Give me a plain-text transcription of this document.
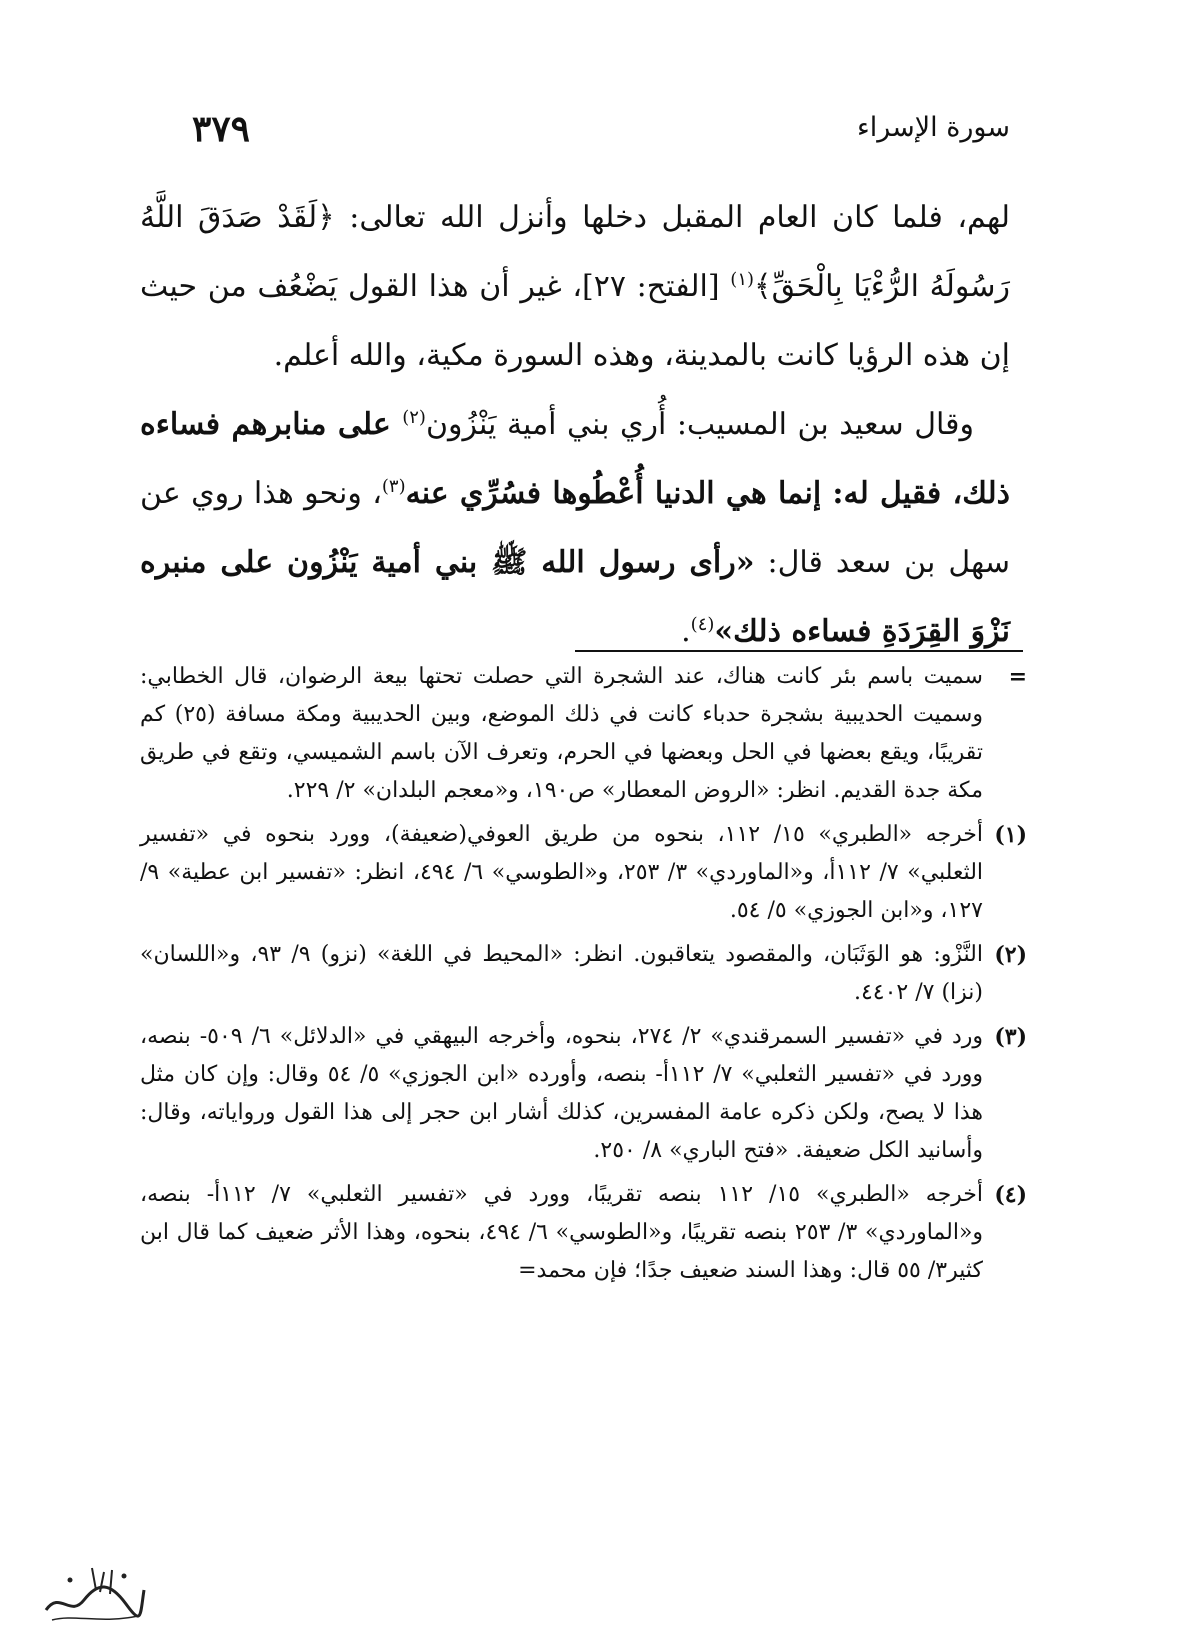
سورة الإسراء
٣٧٩

لهم، فلما كان العام المقبل دخلها وأنزل الله تعالى: ﴿لَقَدْ صَدَقَ اللَّهُ رَسُولَهُ الرُّءْيَا بِالْحَقِّ﴾$^{(١)}$ [الفتح: ٢٧]، غير أن هذا القول يَضْعُف من حيث إن هذه الرؤيا كانت بالمدينة، وهذه السورة مكية، والله أعلم.

وقال سعيد بن المسيب: أُري بني أمية يَنْزُون$^{(٢)}$ على منابرهم فساءه ذلك، فقيل له: إنما هي الدنيا أُعْطُوها فسُرِّي عنه$^{(٣)}$، ونحو هذا روي عن سهل بن سعد قال: «رأى رسول الله ﷺ بني أمية يَنْزُون على منبره نَزْوَ القِرَدَةِ فساءه ذلك»$^{(٤)}$.

=
سميت باسم بئر كانت هناك، عند الشجرة التي حصلت تحتها بيعة الرضوان، قال الخطابي: وسميت الحديبية بشجرة حدباء كانت في ذلك الموضع، وبين الحديبية ومكة مسافة (٢٥) كم تقريبًا، ويقع بعضها في الحل وبعضها في الحرم، وتعرف الآن باسم الشميسي، وتقع في طريق مكة جدة القديم. انظر: «الروض المعطار» ص١٩٠، و«معجم البلدان» ٢/ ٢٢٩.
(١)
أخرجه «الطبري» ١٥/ ١١٢، بنحوه من طريق العوفي(ضعيفة)، وورد بنحوه في «تفسير الثعلبي» ٧/ ١١٢أ، و«الماوردي» ٣/ ٢٥٣، و«الطوسي» ٦/ ٤٩٤، انظر: «تفسير ابن عطية» ٩/ ١٢٧، و«ابن الجوزي» ٥/ ٥٤.
(٢)
النَّزْو: هو الوَثَبَان، والمقصود يتعاقبون. انظر: «المحيط في اللغة» (نزو) ٩/ ٩٣، و«اللسان» (نزا) ٧/ ٤٤٠٢.
(٣)
ورد في «تفسير السمرقندي» ٢/ ٢٧٤، بنحوه، وأخرجه البيهقي في «الدلائل» ٦/ ٥٠٩- بنصه، وورد في «تفسير الثعلبي» ٧/ ١١٢أ- بنصه، وأورده «ابن الجوزي» ٥/ ٥٤ وقال: وإن كان مثل هذا لا يصح، ولكن ذكره عامة المفسرين، كذلك أشار ابن حجر إلى هذا القول ورواياته، وقال: وأسانيد الكل ضعيفة. «فتح الباري» ٨/ ٢٥٠.
(٤)
أخرجه «الطبري» ١٥/ ١١٢ بنصه تقريبًا، وورد في «تفسير الثعلبي» ٧/ ١١٢أ- بنصه، و«الماوردي» ٣/ ٢٥٣ بنصه تقريبًا، و«الطوسي» ٦/ ٤٩٤، بنحوه، وهذا الأثر ضعيف كما قال ابن كثير٣/ ٥٥ قال: وهذا السند ضعيف جدًا؛ فإن محمد=
